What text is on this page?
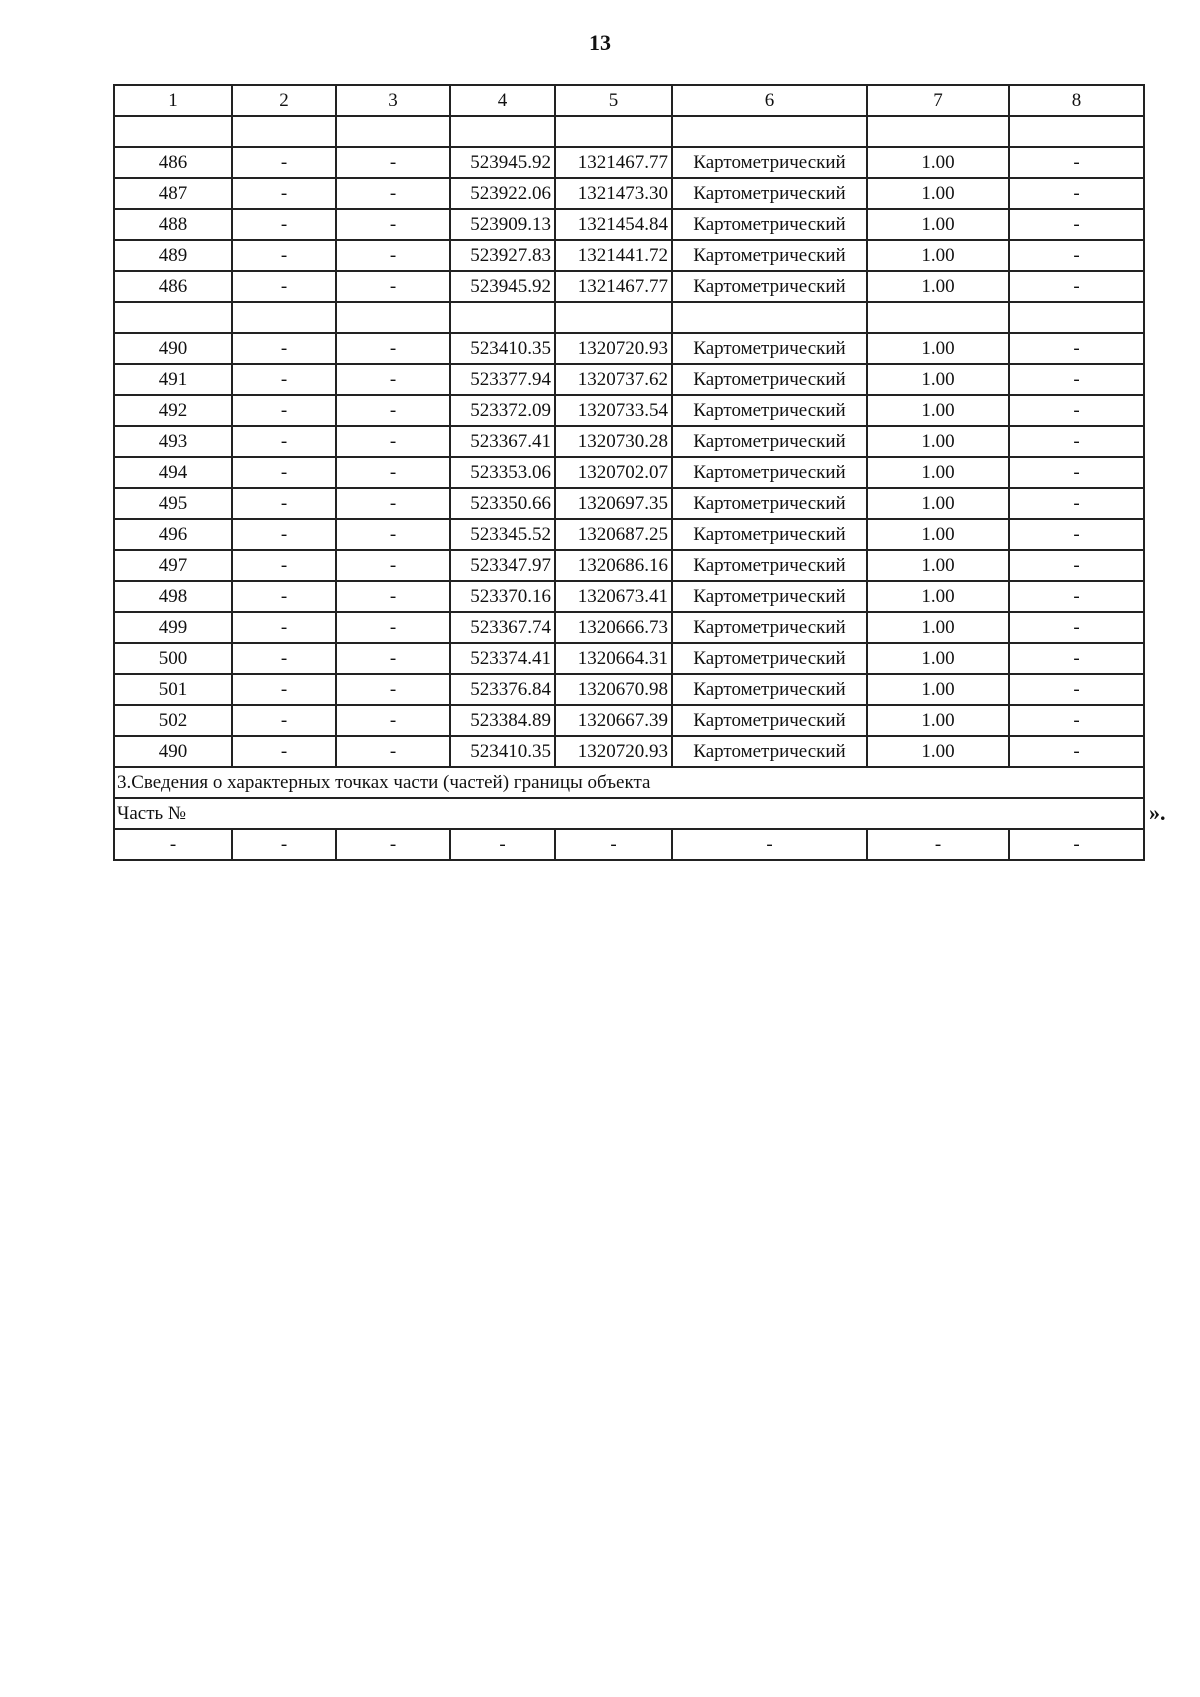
13
1	2	3	4	5	6	7	8

486	-	-	523945.92	1321467.77	Картометрический	1.00	-
487	-	-	523922.06	1321473.30	Картометрический	1.00	-
488	-	-	523909.13	1321454.84	Картометрический	1.00	-
489	-	-	523927.83	1321441.72	Картометрический	1.00	-
486	-	-	523945.92	1321467.77	Картометрический	1.00	-

490	-	-	523410.35	1320720.93	Картометрический	1.00	-
491	-	-	523377.94	1320737.62	Картометрический	1.00	-
492	-	-	523372.09	1320733.54	Картометрический	1.00	-
493	-	-	523367.41	1320730.28	Картометрический	1.00	-
494	-	-	523353.06	1320702.07	Картометрический	1.00	-
495	-	-	523350.66	1320697.35	Картометрический	1.00	-
496	-	-	523345.52	1320687.25	Картометрический	1.00	-
497	-	-	523347.97	1320686.16	Картометрический	1.00	-
498	-	-	523370.16	1320673.41	Картометрический	1.00	-
499	-	-	523367.74	1320666.73	Картометрический	1.00	-
500	-	-	523374.41	1320664.31	Картометрический	1.00	-
501	-	-	523376.84	1320670.98	Картометрический	1.00	-
502	-	-	523384.89	1320667.39	Картометрический	1.00	-
490	-	-	523410.35	1320720.93	Картометрический	1.00	-
3.Сведения о характерных точках части (частей) границы объекта							
Часть №							
-	-	-	-	-	-	-	-
».
